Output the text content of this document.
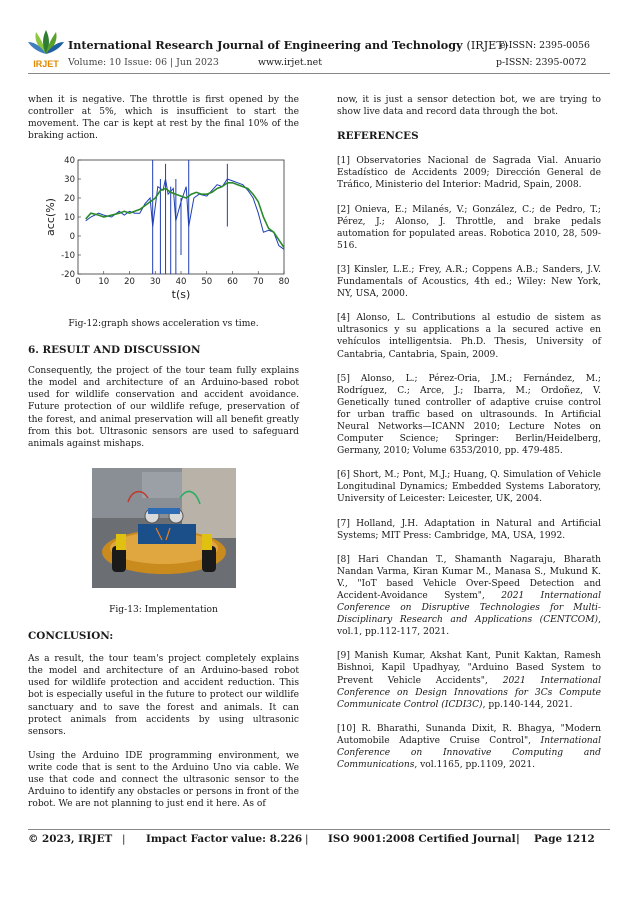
IRJET
International Research Journal of Engineering and Technology (IRJET)
e-ISSN: 2395-0056
Volume: 10 Issue: 06 | Jun 2023	www.irjet.net	p-ISSN: 2395-0072

when it is negative. The throttle is first opened by the controller at 5%, which is insufficient to start the movement. The car is kept at rest by the final 10% of the braking action.

0 10 20 30 40 50 60 70 80
-20
-10
0
10
20
30
40
t(s)
acc(%)

Fig-12:graph shows acceleration vs time.

6. RESULT AND DISCUSSION

Consequently, the project of the tour team fully explains the model and architecture of an Arduino-based robot used for wildlife conservation and accident avoidance. Future protection of our wildlife refuge, preservation of the forest, and animal preservation will all benefit greatly from this bot. Ultrasonic sensors are used to safeguard animals against mishaps.

Fig-13: Implementation

CONCLUSION:

As a result, the tour team's project completely explains the model and architecture of an Arduino-based robot used for wildlife protection and accident reduction. This bot is especially useful in the future to protect our wildlife sanctuary and to save the forest and animals. It can protect animals from accidents by using ultrasonic sensors.

Using the Arduino IDE programming environment, we write code that is sent to the Arduino Uno via cable. We use that code and connect the ultrasonic sensor to the Arduino to identify any obstacles or persons in front of the robot. We are not planning to just end it here. As of

now, it is just a sensor detection bot, we are trying to show live data and record data through the bot.

REFERENCES

[1] Observatories Nacional de Sagrada Vial. Anuario Estadístico de Accidents 2009; Dirección General de Tráfico, Ministerio del Interior: Madrid, Spain, 2008.

[2] Onieva, E.; Milanés, V.; González, C.; de Pedro, T.; Pérez, J.; Alonso, J. Throttle, and brake pedals automation for populated areas. Robotica 2010, 28, 509-516.

[3] Kinsler, L.E.; Frey, A.R.; Coppens A.B.; Sanders, J.V. Fundamentals of Acoustics, 4th ed.; Wiley: New York, NY, USA, 2000.

[4] Alonso, L. Contributions al estudio de sistem as ultrasonics y su applications a la secured active en vehículos intelligentsia. Ph.D. Thesis, University of Cantabria, Cantabria, Spain, 2009.

[5] Alonso, L.; Pérez-Oria, J.M.; Fernández, M.; Rodríguez, C.; Arce, J.; Ibarra, M.; Ordoñez, V. Genetically tuned controller of adaptive cruise control for urban traffic based on ultrasounds. In Artificial Neural Networks—ICANN 2010; Lecture Notes on Computer Science; Springer: Berlin/Heidelberg, Germany, 2010; Volume 6353/2010, pp. 479-485.

[6] Short, M.; Pont, M.J.; Huang, Q. Simulation of Vehicle Longitudinal Dynamics; Embedded Systems Laboratory, University of Leicester: Leicester, UK, 2004.

[7] Holland, J.H. Adaptation in Natural and Artificial Systems; MIT Press: Cambridge, MA, USA, 1992.

[8] Hari Chandan T., Shamanth Nagaraju, Bharath Nandan Varma, Kiran Kumar M., Manasa S., Mukund K. V., "IoT based Vehicle Over-Speed Detection and Accident-Avoidance System", 2021 International Conference on Disruptive Technologies for Multi-Disciplinary Research and Applications (CENTCOM), vol.1, pp.112-117, 2021.

[9] Manish Kumar, Akshat Kant, Punit Kaktan, Ramesh Bishnoi, Kapil Upadhyay, "Arduino Based System to Prevent Vehicle Accidents", 2021 International Conference on Design Innovations for 3Cs Compute Communicate Control (ICDI3C), pp.140-144, 2021.

[10] R. Bharathi, Sunanda Dixit, R. Bhagya, "Modern Automobile Adaptive Cruise Control", International Conference on Innovative Computing and Communications, vol.1165, pp.1109, 2021.

© 2023, IRJET | Impact Factor value: 8.226 | ISO 9001:2008 Certified Journal | Page 1212
